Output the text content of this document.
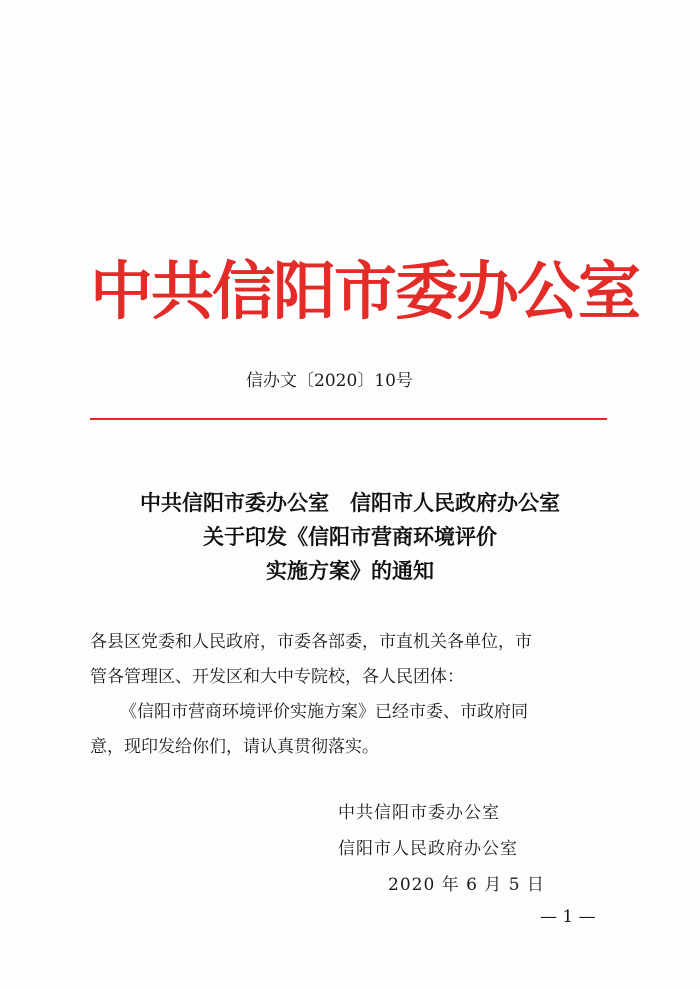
中共信阳市委办公室
信办文〔2020〕10号
中共信阳市委办公室　信阳市人民政府办公室
关于印发《信阳市营商环境评价
实施方案》的通知
各县区党委和人民政府，市委各部委，市直机关各单位，市
管各管理区、开发区和大中专院校，各人民团体：
《信阳市营商环境评价实施方案》已经市委、市政府同
意，现印发给你们，请认真贯彻落实。
中共信阳市委办公室
信阳市人民政府办公室
2020 年 6 月 5 日
— 1 —
